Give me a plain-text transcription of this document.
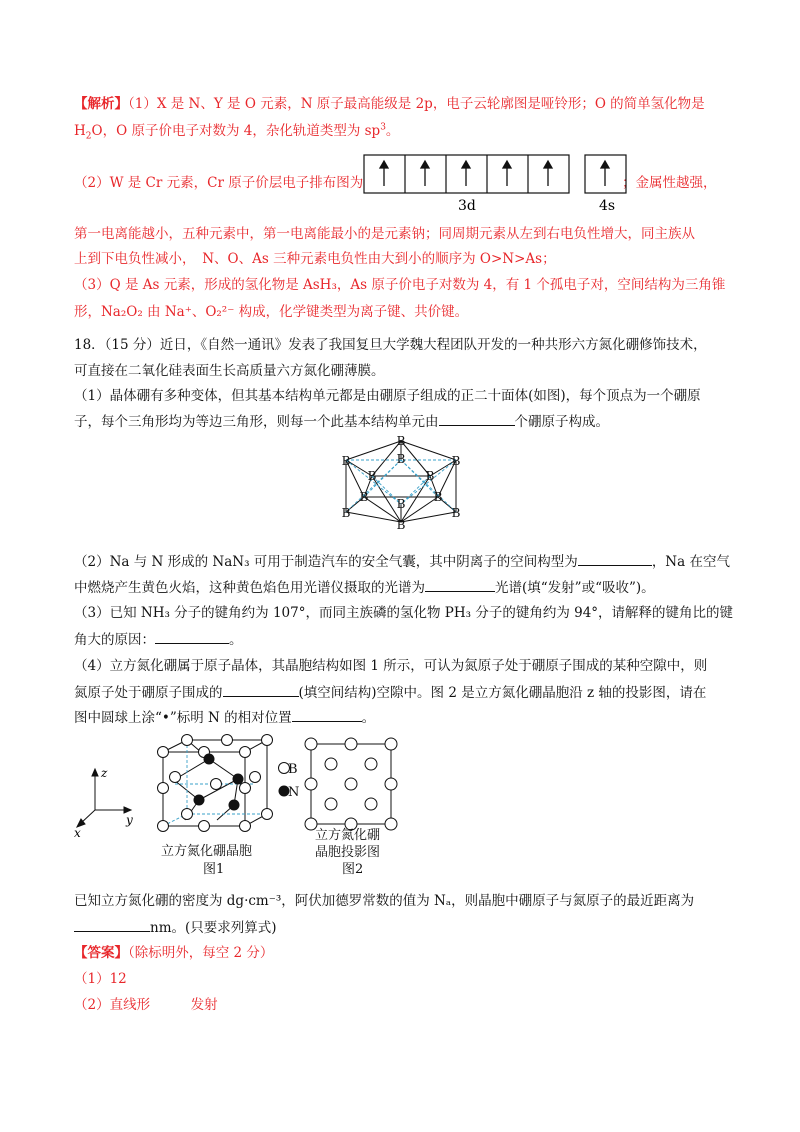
【解析】（1）X 是 N、Y 是 O 元素，N 原子最高能级是 2p，电子云轮廓图是哑铃形；O 的简单氢化物是
$H_2O$，O 原子价电子对数为 4，杂化轨道类型为 $sp^3$。
（2）W 是 Cr 元素，Cr 原子价层电子排布图为	；金属性越强，
3d	4s
第一电离能越小，五种元素中，第一电离能最小的是元素钠；同周期元素从左到右电负性增大，同主族从
上到下电负性减小，　N、O、As 三种元素电负性由大到小的顺序为 O>N>As；
（3）Q 是 As 元素，形成的氢化物是 AsH₃，As 原子价电子对数为 4，有 1 个孤电子对，空间结构为三角锥
形，Na₂O₂ 由 Na⁺、O₂²⁻ 构成，化学键类型为离子键、共价键。
18．（15 分）近日，《自然一通讯》发表了我国复旦大学魏大程团队开发的一种共形六方氮化硼修饰技术，
可直接在二氧化硅表面生长高质量六方氮化硼薄膜。
（1）晶体硼有多种变体，但其基本结构单元都是由硼原子组成的正二十面体(如图)，每个顶点为一个硼原
子，每个三角形均为等边三角形，则每一个此基本结构单元由	个硼原子构成。
B
B	B
B
B	B
B	B
B
B	B
B
（2）Na 与 N 形成的 NaN₃ 可用于制造汽车的安全气囊，其中阴离子的空间构型为	，Na 在空气
中燃烧产生黄色火焰，这种黄色焰色用光谱仪摄取的光谱为	光谱(填“发射”或“吸收”)。
（3）已知 NH₃ 分子的键角约为 107°，而同主族磷的氢化物 PH₃ 分子的键角约为 94°，请解释的键角比的键
角大的原因：	。
（4）立方氮化硼属于原子晶体，其晶胞结构如图 1 所示，可认为氮原子处于硼原子围成的某种空隙中，则
氮原子处于硼原子围成的	(填空间结构)空隙中。图 2 是立方氮化硼晶胞沿 z 轴的投影图，请在
图中圆球上涂“•”标明 N 的相对位置	。
z
y
x
B
N
立方氮化硼晶胞
图1
立方氮化硼
晶胞投影图
图2
已知立方氮化硼的密度为 dg·cm⁻³，阿伏加德罗常数的值为 Nₐ，则晶胞中硼原子与氮原子的最近距离为
nm。(只要求列算式)
【答案】（除标明外，每空 2 分）
（1）12
（2）直线形　　　发射
